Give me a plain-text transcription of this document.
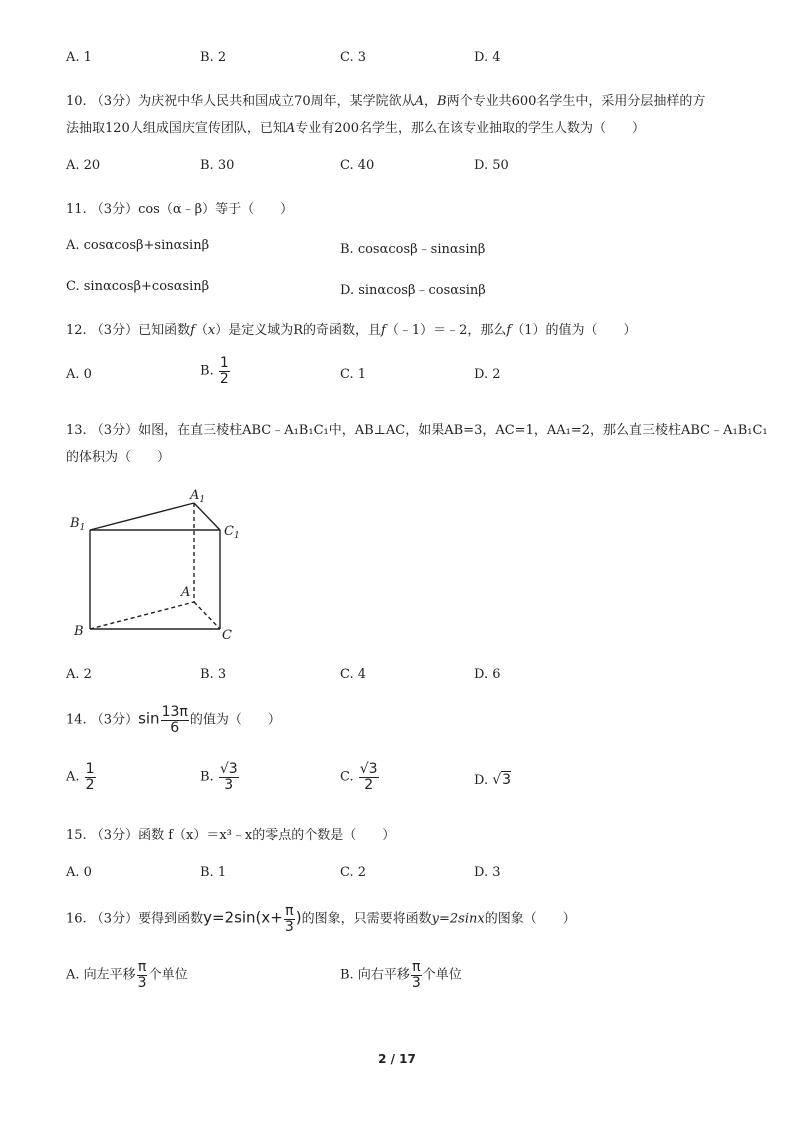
A. 1	B. 2	C. 3	D. 4
10. （3分）为庆祝中华人民共和国成立70周年，某学院欲从A，B两个专业共600名学生中，采用分层抽样的方
法抽取120人组成国庆宣传团队，已知A专业有200名学生，那么在该专业抽取的学生人数为（　　）
A. 20	B. 30	C. 40	D. 50
11. （3分）cos（α﹣β）等于（　　）
A. cosαcosβ+sinαsinβ	B. cosαcosβ﹣sinαsinβ
C. sinαcosβ+cosαsinβ	D. sinαcosβ﹣cosαsinβ
12. （3分）已知函数f（x）是定义域为R的奇函数，且f（﹣1）＝﹣2，那么f（1）的值为（　　）
A. 0	B. $\frac{1}{2}$	C. 1	D. 2
13. （3分）如图，在直三棱柱ABC﹣A₁B₁C₁中，AB⊥AC，如果AB=3，AC=1，AA₁=2，那么直三棱柱ABC﹣A₁B₁C₁
的体积为（　　）
$A_1$
$B_1$	$C_1$
A
B	C
A. 2	B. 3	C. 4	D. 6
14. （3分）$\sin \frac{13\pi}{6}$ 的值为（　　）
A. $\frac{1}{2}$	B. $\frac{√3}{3}$	C. $\frac{√3}{2}$	D. √3
15. （3分）函数 f（x）＝x³﹣x的零点的个数是（　　）
A. 0	B. 1	C. 2	D. 3
16. （3分）要得到函数$y=2\sin(x+ \frac{\pi}{3}$ )的图象，只需要将函数y=2sinx的图象（　　）
A. 向左平移 $\frac{\pi}{3}$ 个单位	B. 向右平移 $\frac{\pi}{3}$ 个单位
2 / 17
